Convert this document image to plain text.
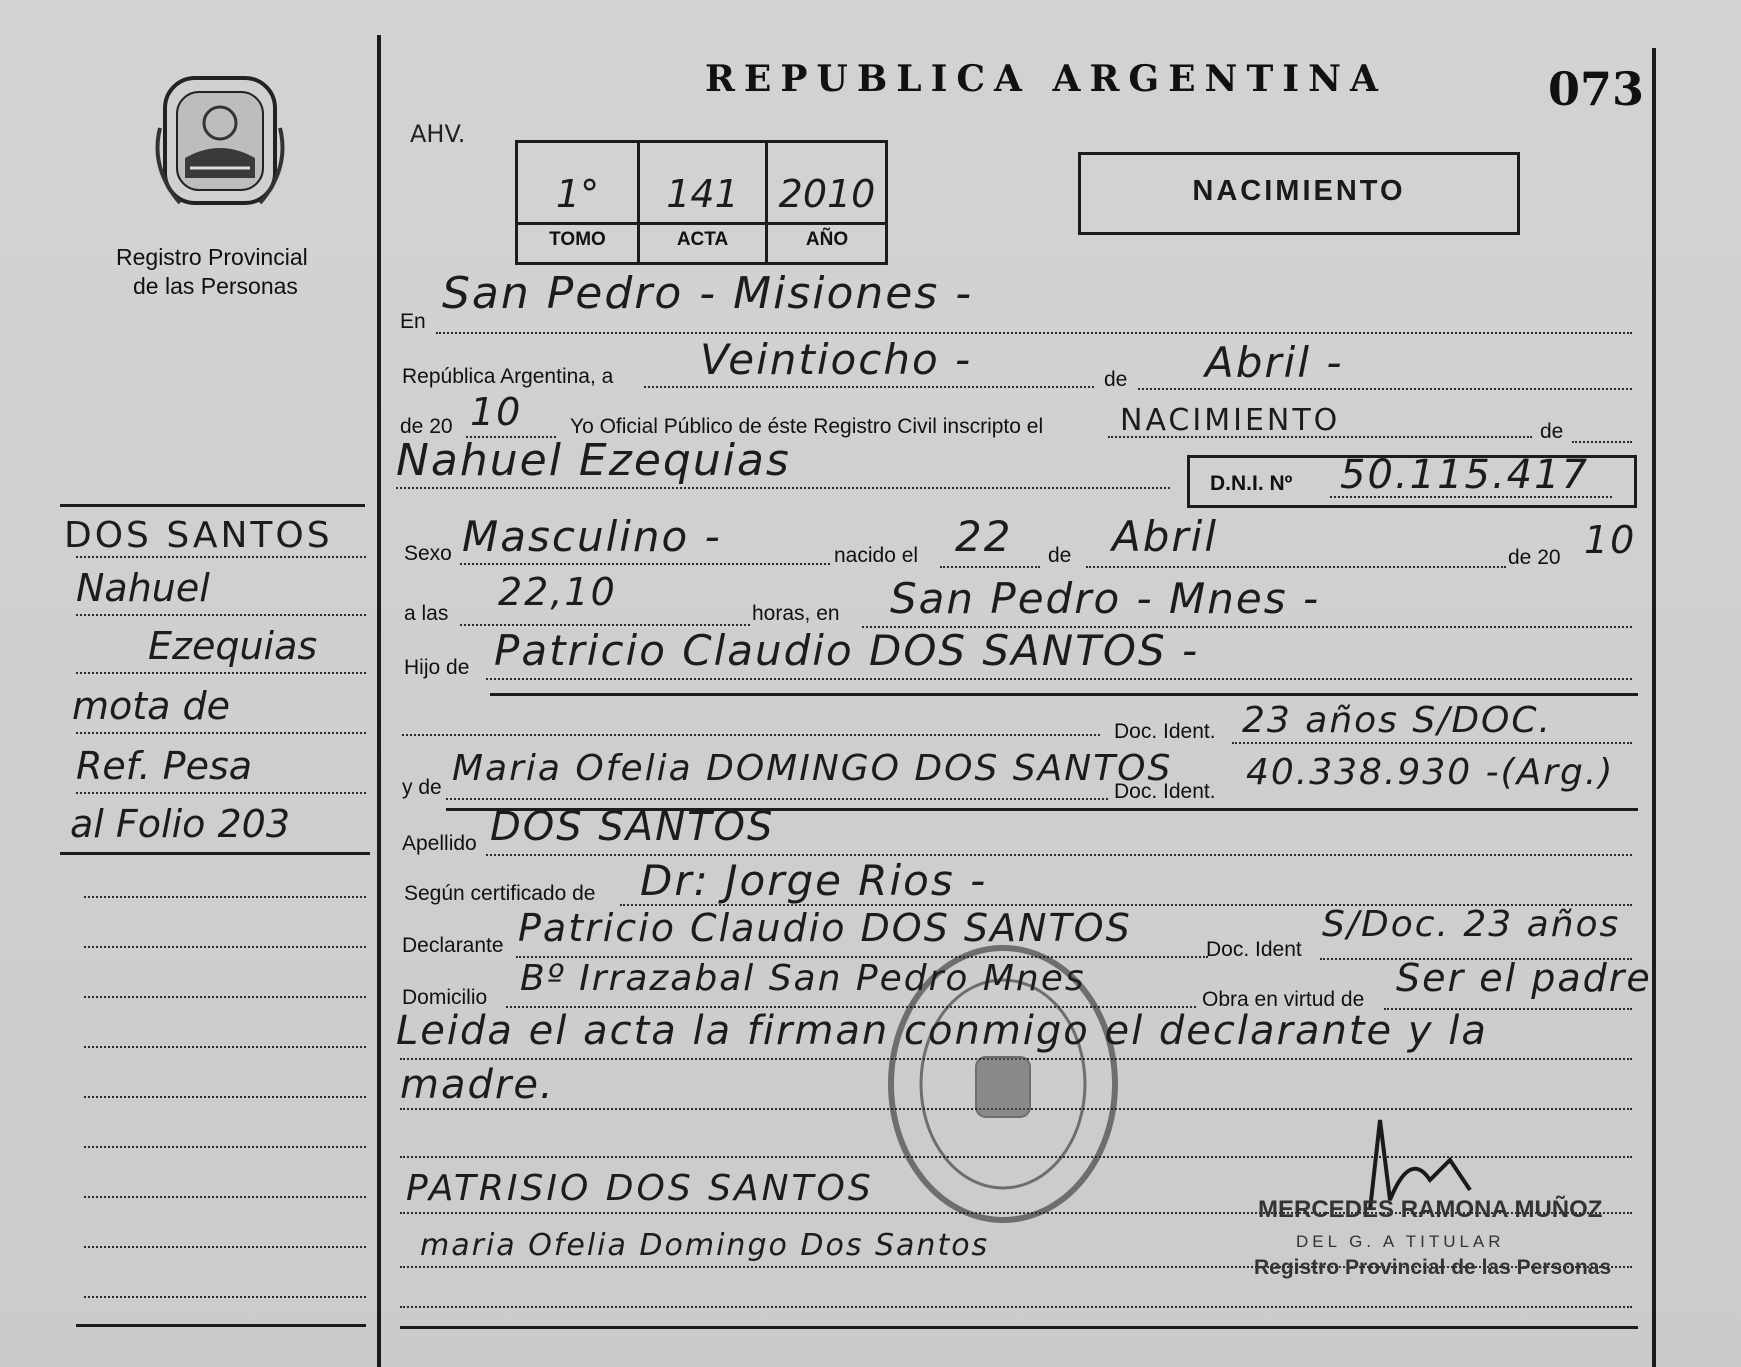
Registro Provincial
de las Personas
REPUBLICA ARGENTINA	073
AHV.
1°	141	2010
TOMO	ACTA	AÑO
NACIMIENTO
En
San Pedro - Misiones -
República Argentina, a Veintiocho -	de Abril -
de 20 10 Yo Oficial Público de éste Registro Civil inscripto el	NACIMIENTO	de
Nahuel Ezequias	D.N.I. Nº 50.115.417
Sexo Masculino -	nacido el 22 de Abril	de 20 10
a las 22,10	horas, en San Pedro - Mnes -
Hijo de Patricio Claudio DOS SANTOS -
Doc. Ident. 23 años S/DOC.
y de Maria Ofelia DOMINGO DOS SANTOS
Doc. Ident. 40.338.930 -(Arg.)
Apellido DOS SANTOS
Según certificado de Dr: Jorge Rios -
Declarante Patricio Claudio DOS SANTOS	Doc. Ident
S/Doc. 23 años
Domicilio Bº Irrazabal San Pedro Mnes
Obra en virtud de Ser el padre
Leida el acta la firman conmigo el declarante y la
madre.
PATRISIO DOS SANTOS
maria Ofelia Domingo Dos Santos
MERCEDES RAMONA MUÑOZ
DEL G. A TITULAR
Registro Provincial de las Personas
DOS SANTOS
Nahuel
Ezequias
mota de
Ref. Pesa
al Folio 203
